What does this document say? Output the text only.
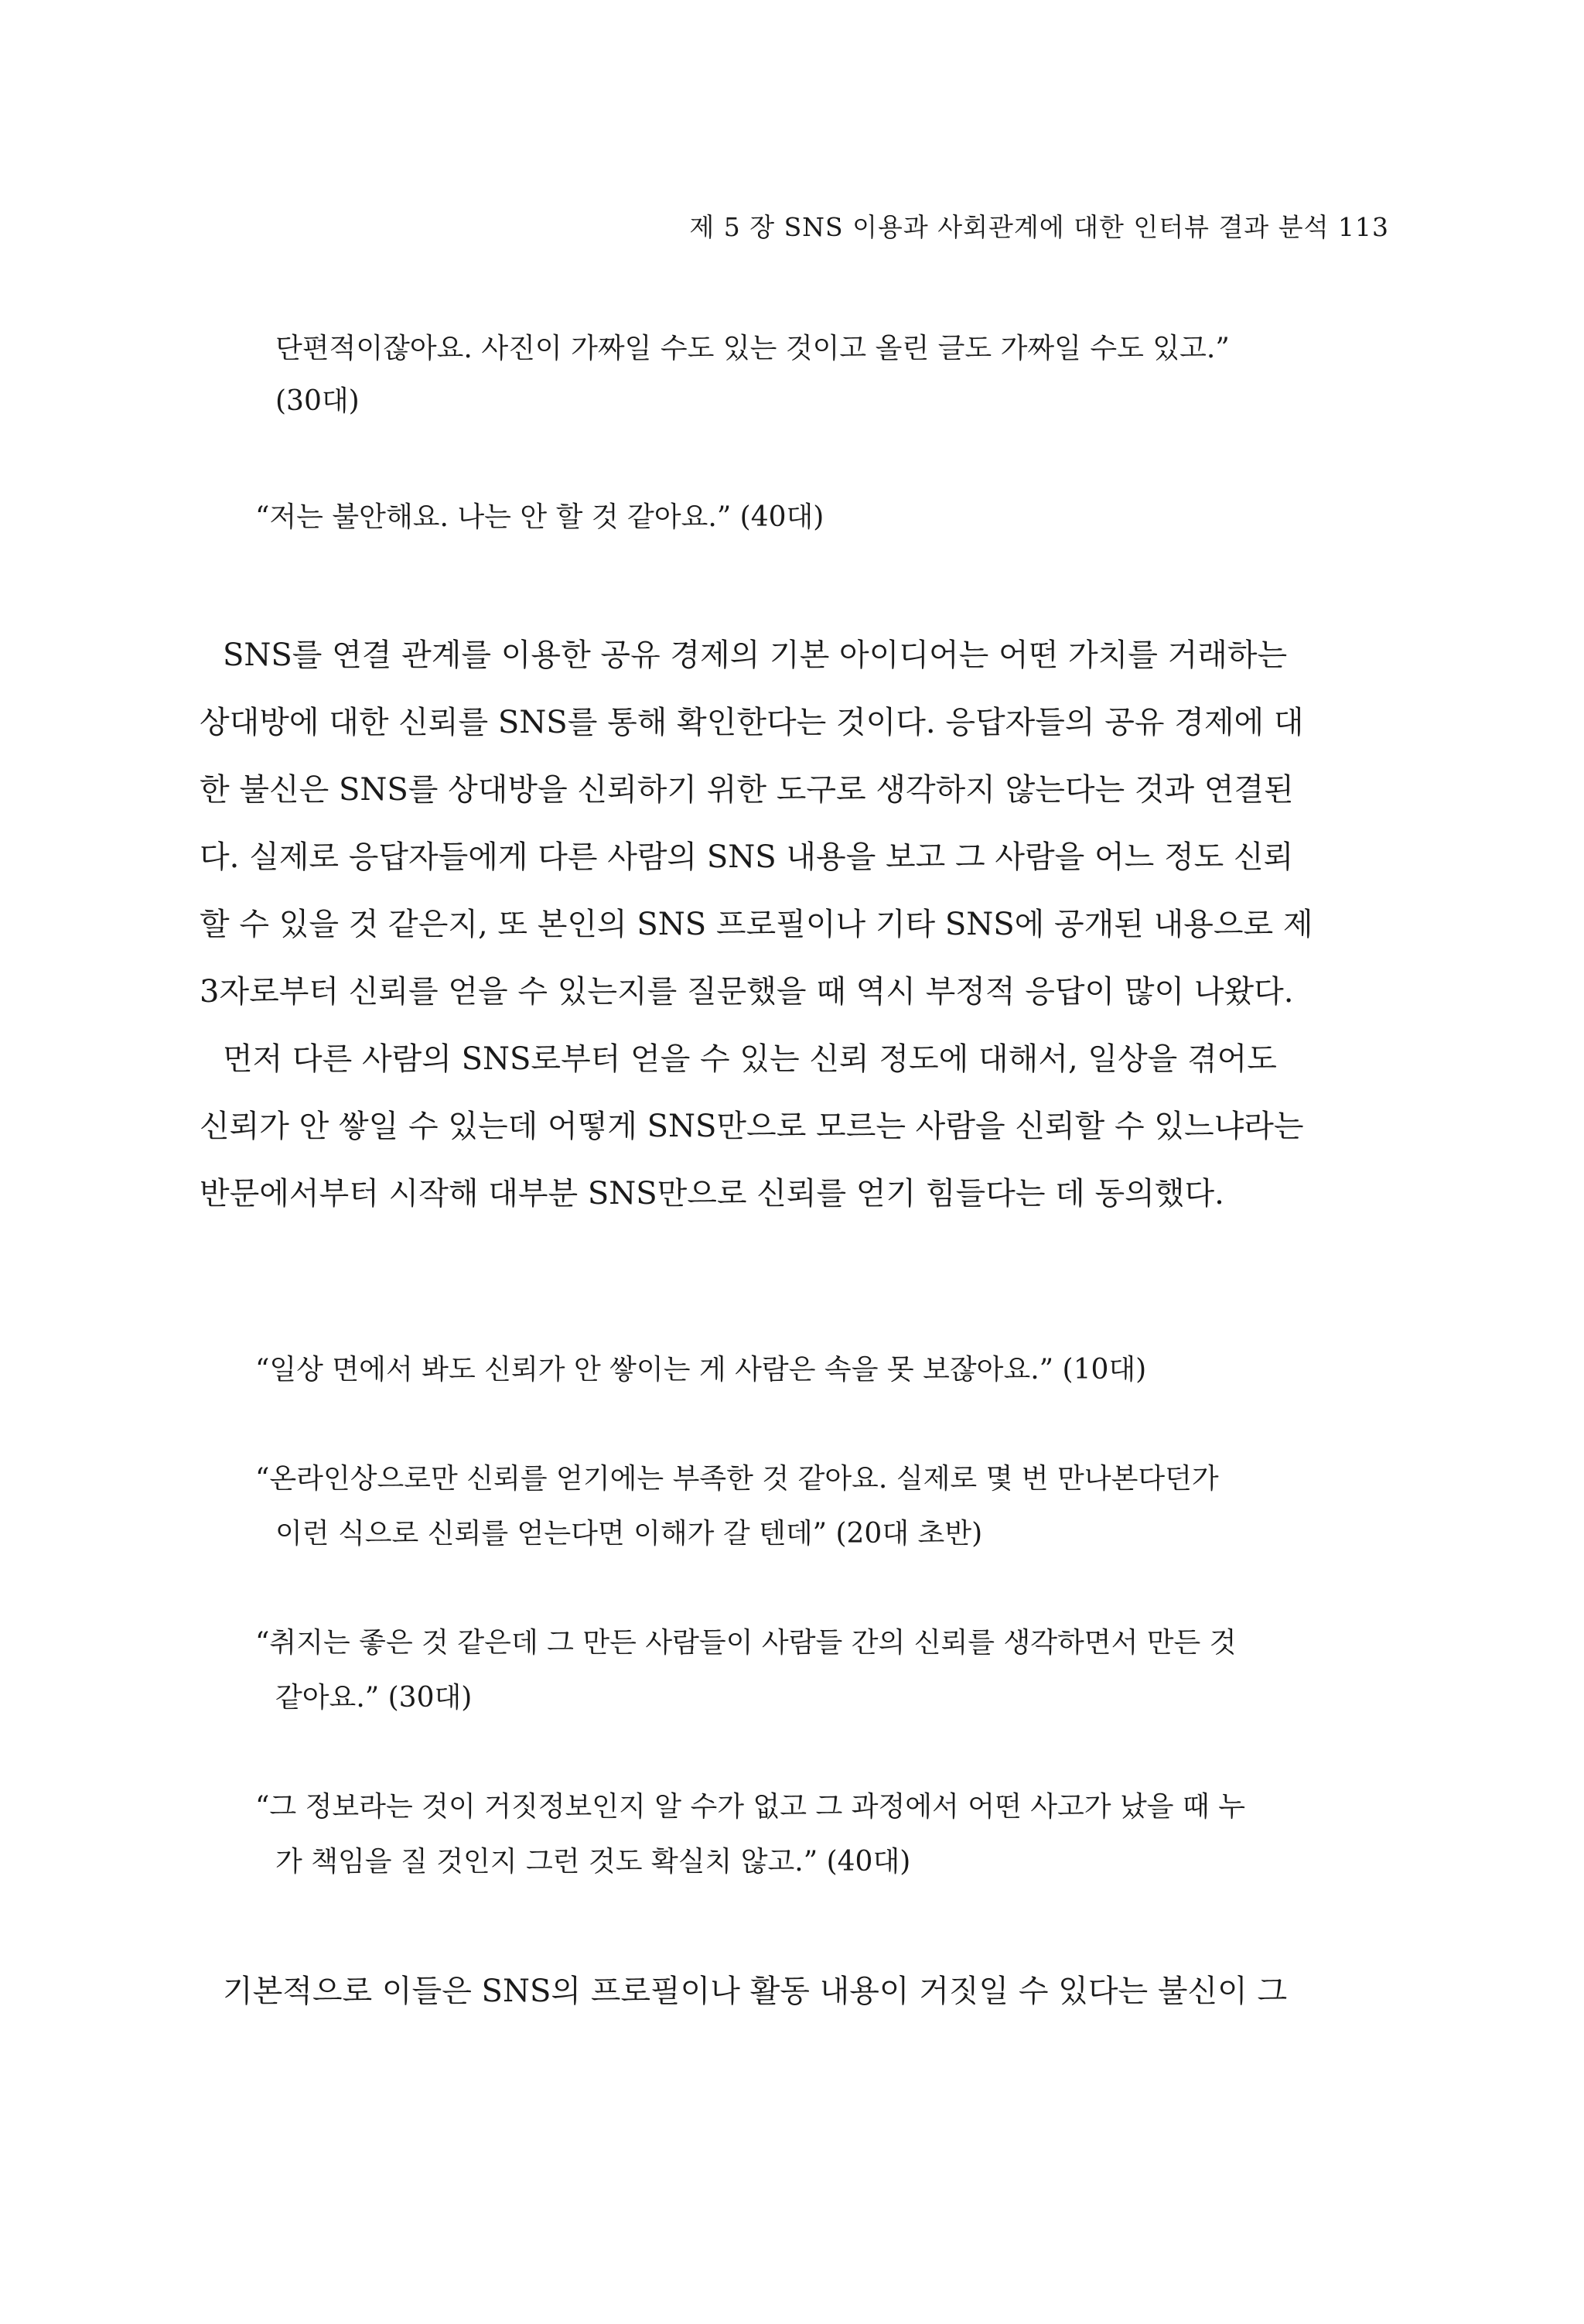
제 5 장 SNS 이용과 사회관계에 대한 인터뷰 결과 분석 113
단편적이잖아요. 사진이 가짜일 수도 있는 것이고 올린 글도 가짜일 수도 있고.”
(30대)
“저는 불안해요. 나는 안 할 것 같아요.” (40대)
SNS를 연결 관계를 이용한 공유 경제의 기본 아이디어는 어떤 가치를 거래하는
상대방에 대한 신뢰를 SNS를 통해 확인한다는 것이다. 응답자들의 공유 경제에 대
한 불신은 SNS를 상대방을 신뢰하기 위한 도구로 생각하지 않는다는 것과 연결된
다. 실제로 응답자들에게 다른 사람의 SNS 내용을 보고 그 사람을 어느 정도 신뢰
할 수 있을 것 같은지, 또 본인의 SNS 프로필이나 기타 SNS에 공개된 내용으로 제
3자로부터 신뢰를 얻을 수 있는지를 질문했을 때 역시 부정적 응답이 많이 나왔다.
먼저 다른 사람의 SNS로부터 얻을 수 있는 신뢰 정도에 대해서, 일상을 겪어도
신뢰가 안 쌓일 수 있는데 어떻게 SNS만으로 모르는 사람을 신뢰할 수 있느냐라는
반문에서부터 시작해 대부분 SNS만으로 신뢰를 얻기 힘들다는 데 동의했다.
“일상 면에서 봐도 신뢰가 안 쌓이는 게 사람은 속을 못 보잖아요.” (10대)
“온라인상으로만 신뢰를 얻기에는 부족한 것 같아요. 실제로 몇 번 만나본다던가
이런 식으로 신뢰를 얻는다면 이해가 갈 텐데” (20대 초반)
“취지는 좋은 것 같은데 그 만든 사람들이 사람들 간의 신뢰를 생각하면서 만든 것
같아요.” (30대)
“그 정보라는 것이 거짓정보인지 알 수가 없고 그 과정에서 어떤 사고가 났을 때 누
가 책임을 질 것인지 그런 것도 확실치 않고.” (40대)
기본적으로 이들은 SNS의 프로필이나 활동 내용이 거짓일 수 있다는 불신이 그
